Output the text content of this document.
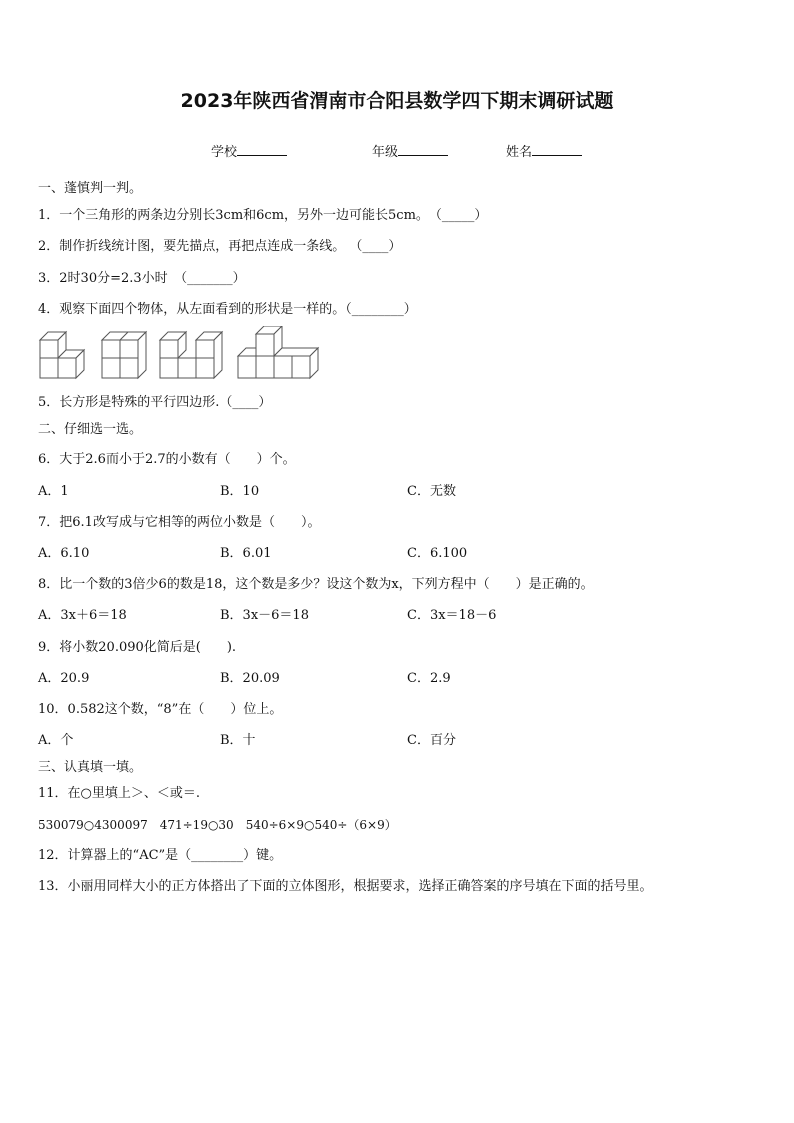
2023年陕西省渭南市合阳县数学四下期末调研试题
学校	年级	姓名
一、蓬慎判一判。
1．一个三角形的两条边分别长3cm和6cm，另外一边可能长5cm。　（_____）
2．制作折线统计图，要先描点，再把点连成一条线。 （____）
3．2时30分=2.3小时　（_______）
4．观察下面四个物体，从左面看到的形状是一样的。（________）
5．长方形是特殊的平行四边形.（____）
二、仔细选一选。
6．大于2.6而小于2.7的小数有（　　）个。
A．1	B．10	C．无数
7．把6.1改写成与它相等的两位小数是（　　）。
A．6.10	B．6.01	C．6.100
8．比一个数的3倍少6的数是18，这个数是多少？设这个数为x，下列方程中（　　）是正确的。
A．3x＋6＝18	B．3x－6＝18	C．3x＝18－6
9．将小数20.090化简后是(　　).
A．20.9	B．20.09	C．2.9
10．0.582这个数，“8”在（　　）位上。
A．个	B．十	C．百分
三、认真填一填。
11．在○里填上＞、＜或＝.
530079○4300097　471÷19○30　540÷6×9○540÷（6×9）
12．计算器上的“AC”是（________）键。
13．小丽用同样大小的正方体搭出了下面的立体图形，根据要求，选择正确答案的序号填在下面的括号里。
